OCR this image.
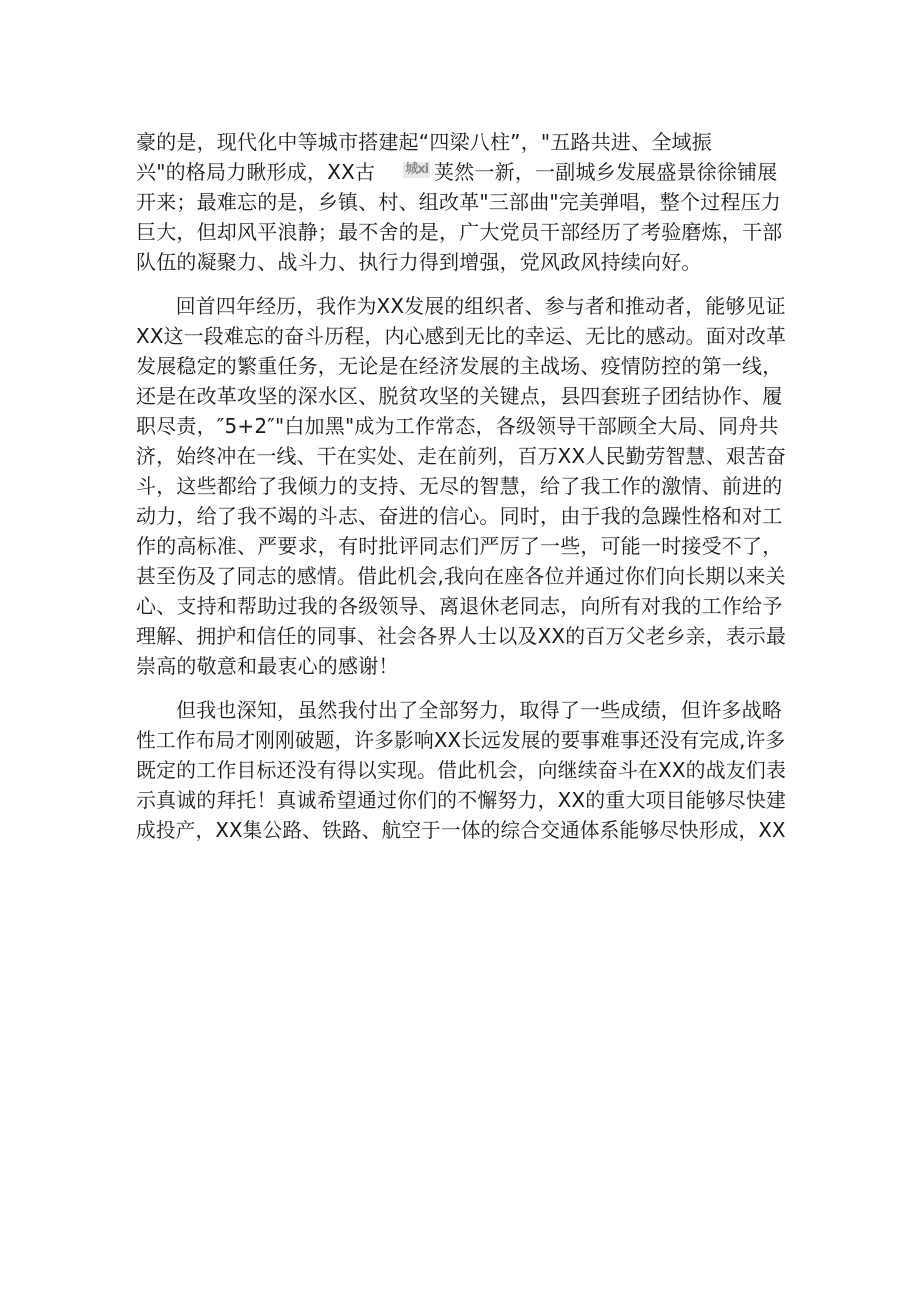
豪的是，现代化中等城市搭建起“四梁八柱”，"五路共进、全域振
兴"的格局力瞅形成，XX古 城xi 荚然一新，一副城乡发展盛景徐徐铺展
开来；最难忘的是，乡镇、村、组改革"三部曲"完美弹唱，整个过程压力
巨大，但却风平浪静；最不舍的是，广大党员干部经历了考验磨炼，干部
队伍的凝聚力、战斗力、执行力得到增强，党风政风持续向好。

回首四年经历，我作为XX发展的组织者、参与者和推动者，能够见证
XX这一段难忘的奋斗历程，内心感到无比的幸运、无比的感动。面对改革
发展稳定的繁重任务，无论是在经济发展的主战场、疫情防控的第一线，
还是在改革攻坚的深水区、脱贫攻坚的关键点，县四套班子团结协作、履
职尽责，″5+2″"白加黑"成为工作常态，各级领导干部顾全大局、同舟共
济，始终冲在一线、干在实处、走在前列，百万XX人民勤劳智慧、艰苦奋
斗，这些都给了我倾力的支持、无尽的智慧，给了我工作的激情、前进的
动力，给了我不竭的斗志、奋进的信心。同时，由于我的急躁性格和对工
作的高标准、严要求，有时批评同志们严厉了一些，可能一时接受不了，
甚至伤及了同志的感情。借此机会,我向在座各位并通过你们向长期以来关
心、支持和帮助过我的各级领导、离退休老同志，向所有对我的工作给予
理解、拥护和信任的同事、社会各界人士以及XX的百万父老乡亲，表示最
崇高的敬意和最衷心的感谢！

但我也深知，虽然我付出了全部努力，取得了一些成绩，但许多战略
性工作布局才刚刚破题，许多影响XX长远发展的要事难事还没有完成,许多
既定的工作目标还没有得以实现。借此机会，向继续奋斗在XX的战友们表
示真诚的拜托！真诚希望通过你们的不懈努力，XX的重大项目能够尽快建
成投产，XX集公路、铁路、航空于一体的综合交通体系能够尽快形成，XX
